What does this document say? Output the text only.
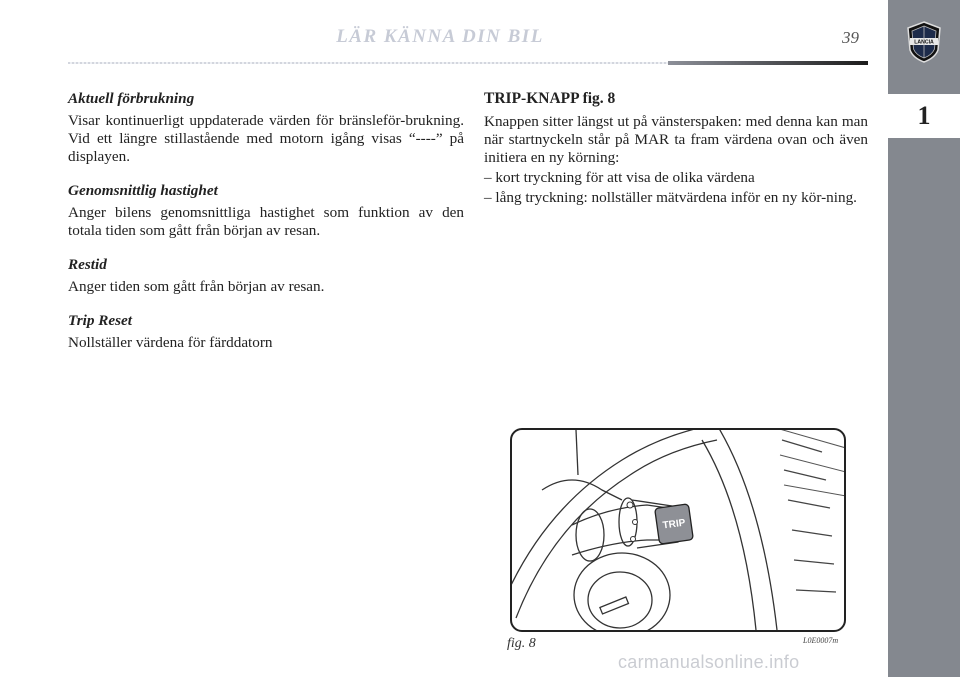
LÄR KÄNNA DIN BIL	39	LANCIA
1
Aktuell förbrukning

Visar kontinuerligt uppdaterade värden för bränsleför-brukning. Vid ett längre stillastående med motorn igång visas “----” på displayen.

Genomsnittlig hastighet

Anger bilens genomsnittliga hastighet som funktion av den totala tiden som gått från början av resan.

Restid

Anger tiden som gått från början av resan.

Trip Reset

Nollställer värdena för färddatorn

TRIP-KNAPP fig. 8

Knappen sitter längst ut på vänsterspaken: med denna kan man när startnyckeln står på MAR ta fram värdena ovan och även initiera en ny körning:

– kort tryckning för att visa de olika värdena

– lång tryckning: nollställer mätvärdena inför en ny kör-ning.

TRIP
fig. 8	L0E0007m
carmanualsonline.info
